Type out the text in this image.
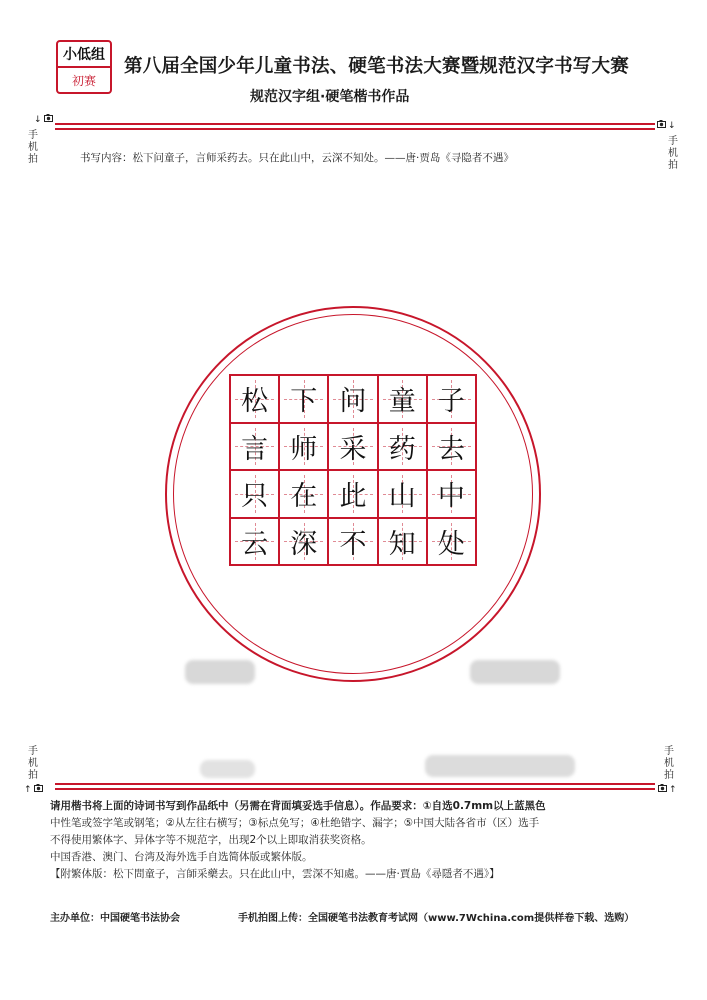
小低组
初赛
第八届全国少年儿童书法、硬笔书法大赛暨规范汉字书写大赛
规范汉字组·硬笔楷书作品
↓
手
机
拍
↓
手
机
拍
书写内容：松下问童子，言师采药去。只在此山中，云深不知处。——唐·贾岛《寻隐者不遇》
松 下 问 童 子
言 师 采 药 去
只 在 此 山 中
云 深 不 知 处
手
机
拍
↑
手
机
拍
↑

请用楷书将上面的诗词书写到作品纸中（另需在背面填妥选手信息）。作品要求：①自选0.7mm以上蓝黑色

中性笔或签字笔或钢笔；②从左往右横写；③标点免写；④杜绝错字、漏字；⑤中国大陆各省市（区）选手

不得使用繁体字、异体字等不规范字，出现2个以上即取消获奖资格。

中国香港、澳门、台湾及海外选手自选简体版或繁体版。

【附繁体版：松下問童子，言師采藥去。只在此山中，雲深不知處。——唐·賈島《尋隱者不遇》】

主办单位：中国硬笔书法协会	手机拍图上传：全国硬笔书法教育考试网（www.7Wchina.com提供样卷下载、选购）
